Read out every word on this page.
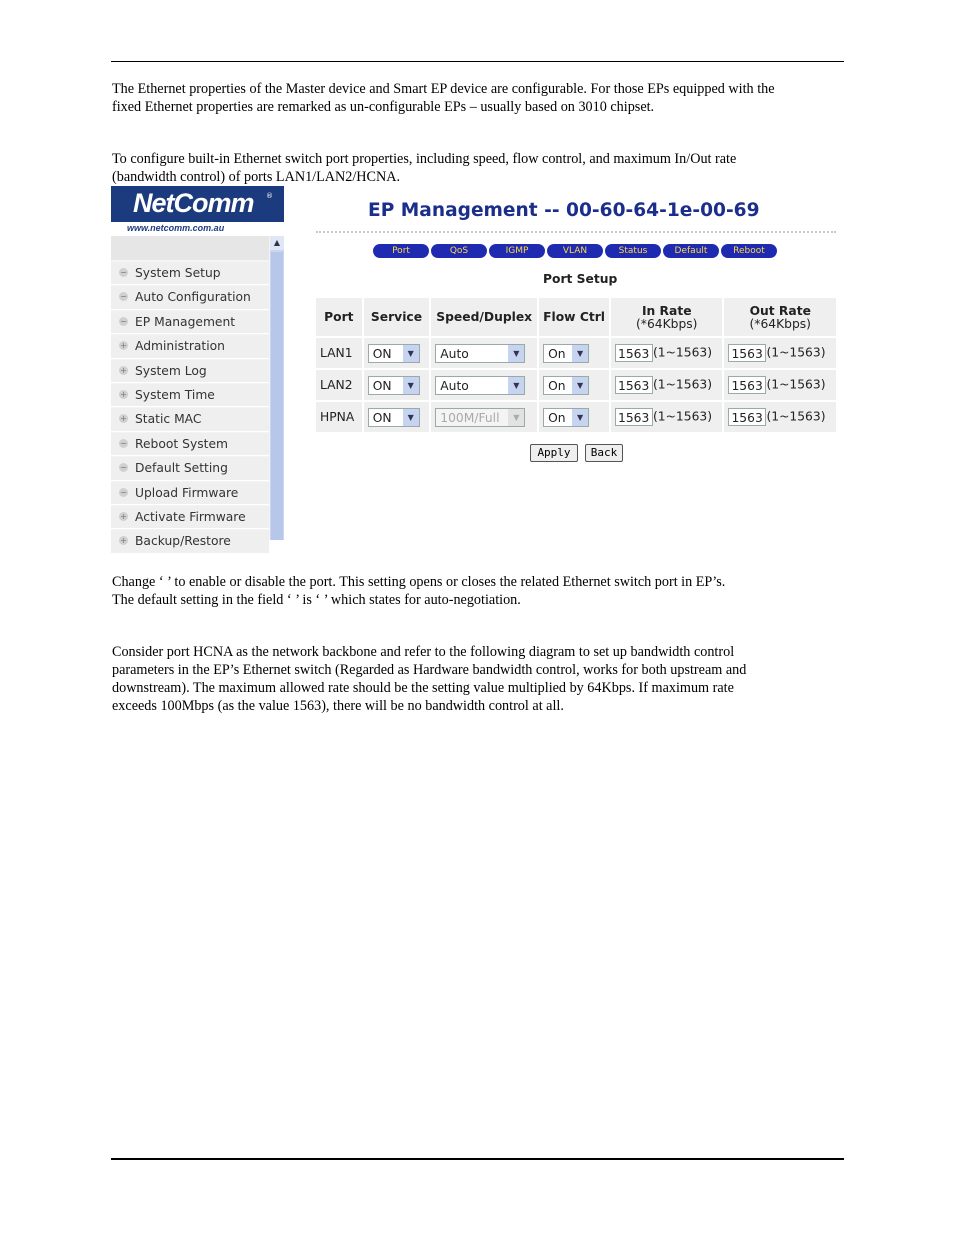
The Ethernet properties of the Master device and Smart EP device are configurable. For those EPs equipped with the
fixed Ethernet properties are remarked as un-configurable EPs – usually based on 3010 chipset.

To configure built-in Ethernet switch port properties, including speed, flow control, and maximum In/Out rate
(bandwidth control) of ports LAN1/LAN2/HCNA.

NetComm ®
www.netcomm.com.au
− System Setup
− Auto Configuration
− EP Management
+ Administration
+ System Log
+ System Time
+ Static MAC
− Reboot System
− Default Setting
− Upload Firmware
+ Activate Firmware
+ Backup/Restore
▲
EP Management -- 00-60-64-1e-00-69
Port	QoS	IGMP	VLAN	Status	Default	Reboot
Port Setup
Port	Service	Speed/Duplex	Flow Ctrl	In Rate
(*64Kbps)	Out Rate
(*64Kbps)

LAN1	ON ▼	Auto ▼	On ▼	1563 (1~1563)	1563 (1~1563)
LAN2	ON ▼	Auto ▼	On ▼	1563 (1~1563)	1563 (1~1563)
HPNA	ON ▼	100M/Full ▼	On ▼	1563 (1~1563)	1563 (1~1563)
Apply	Back

Change ‘ ’ to enable or disable the port. This setting opens or closes the related Ethernet switch port in EP’s.
The default setting in the field ‘ ’ is ‘ ’ which states for auto-negotiation.

Consider port HCNA as the network backbone and refer to the following diagram to set up bandwidth control
parameters in the EP’s Ethernet switch (Regarded as Hardware bandwidth control, works for both upstream and
downstream). The maximum allowed rate should be the setting value multiplied by 64Kbps. If maximum rate
exceeds 100Mbps (as the value 1563), there will be no bandwidth control at all.
